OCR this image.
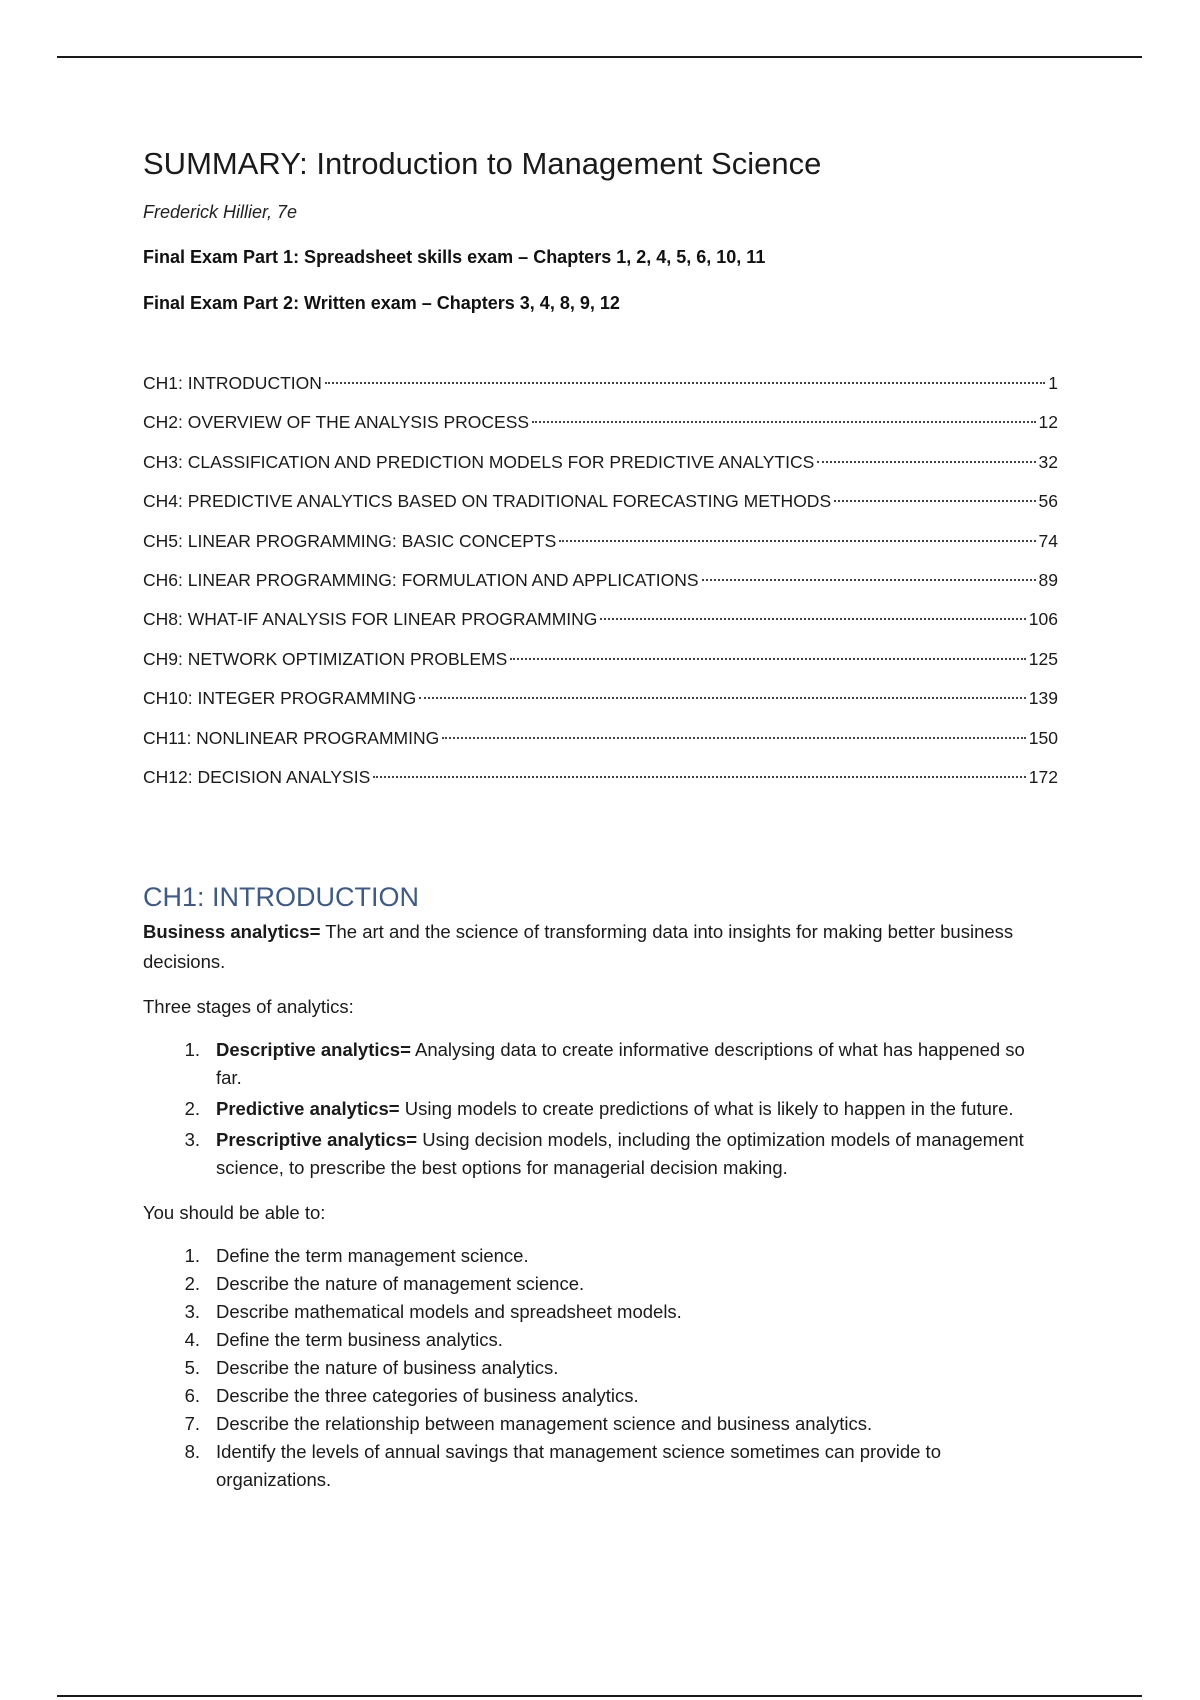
SUMMARY: Introduction to Management Science
Frederick Hillier, 7e
Final Exam Part 1: Spreadsheet skills exam – Chapters 1, 2, 4, 5, 6, 10, 11
Final Exam Part 2: Written exam – Chapters 3, 4, 8, 9, 12
CH1: INTRODUCTION	1
CH2: OVERVIEW OF THE ANALYSIS PROCESS	12
CH3: CLASSIFICATION AND PREDICTION MODELS FOR PREDICTIVE ANALYTICS	32
CH4: PREDICTIVE ANALYTICS BASED ON TRADITIONAL FORECASTING METHODS	56
CH5: LINEAR PROGRAMMING: BASIC CONCEPTS	74
CH6: LINEAR PROGRAMMING: FORMULATION AND APPLICATIONS	89
CH8: WHAT-IF ANALYSIS FOR LINEAR PROGRAMMING	106
CH9: NETWORK OPTIMIZATION PROBLEMS	125
CH10: INTEGER PROGRAMMING	139
CH11: NONLINEAR PROGRAMMING	150
CH12: DECISION ANALYSIS	172
CH1: INTRODUCTION

Business analytics= The art and the science of transforming data into insights for making better business decisions.

Three stages of analytics:

1. Descriptive analytics= Analysing data to create informative descriptions of what has happened so far.
2. Predictive analytics= Using models to create predictions of what is likely to happen in the future.
3. Prescriptive analytics= Using decision models, including the optimization models of management science, to prescribe the best options for managerial decision making.

You should be able to:

1. Define the term management science.
2. Describe the nature of management science.
3. Describe mathematical models and spreadsheet models.
4. Define the term business analytics.
5. Describe the nature of business analytics.
6. Describe the three categories of business analytics.
7. Describe the relationship between management science and business analytics.
8. Identify the levels of annual savings that management science sometimes can provide to organizations.
